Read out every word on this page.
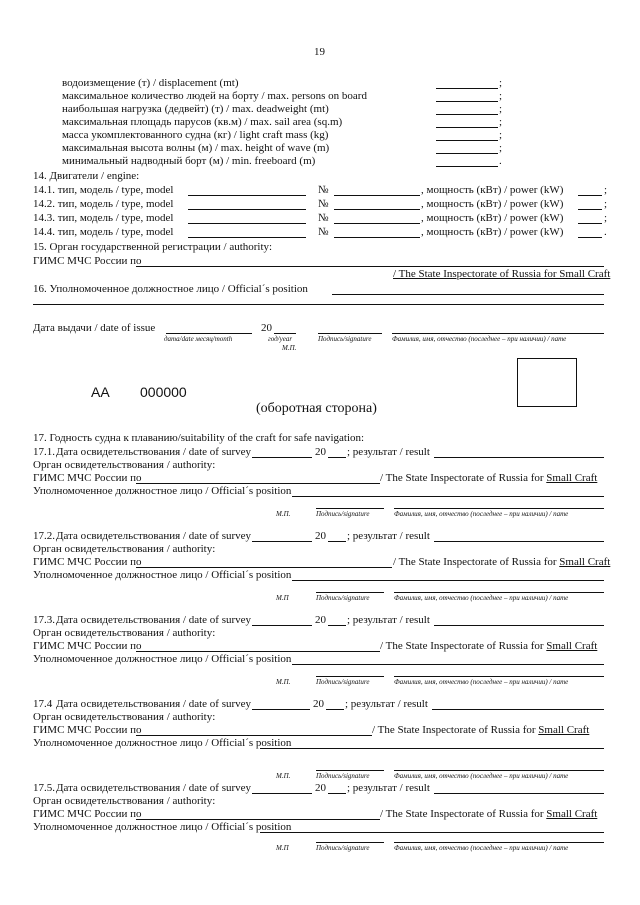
19
водоизмещение (т) / displacement (mt)	;
максимальное количество людей на борту / max. persons on board	;
наибольшая нагрузка (дедвейт) (т) / max. deadweight (mt)	;
максимальная площадь парусов (кв.м) / max. sail area (sq.m)	;
масса укомплектованного судна (кг) / light craft mass (kg)	;
максимальная высота волны (м) / max. height of wave (m)	;
минимальный надводный борт (м) / min. freeboard (m)	.
14. Двигатели / engine:
14.1. тип, модель / type, model	№	, мощность (кВт) / power (kW)	;
14.2. тип, модель / type, model	№	, мощность (кВт) / power (kW)	;
14.3. тип, модель / type, model	№	, мощность (кВт) / power (kW)	;
14.4. тип, модель / type, model	№	, мощность (кВт) / power (kW)	.
15. Орган государственной регистрации / authority:
ГИМС МЧС России по
/ The State Inspectorate of Russia for Small Craft
16. Уполномоченное должностное лицо / Official´s position
Дата выдачи / date of issue	20
дата/date месяц/month	год/year	Подпись/signature	Фамилия, имя, отчество (последнее – при наличии) / name
М.П.
АА 000000
(оборотная сторона)
17. Годность судна к плаванию/suitability of the craft for safe navigation:
17.1. Дата освидетельствования / date of survey	20 ; результат / result
Орган освидетельствования / authority:
ГИМС МЧС России по	/ The State Inspectorate of Russia for Small Craft
Уполномоченное должностное лицо / Official´s position
М.П.	Подпись/signature	Фамилия, имя, отчество (последнее – при наличии) / name
17.2. Дата освидетельствования / date of survey	20 ; результат / result
Орган освидетельствования / authority:
ГИМС МЧС России по	/ The State Inspectorate of Russia for Small Craft
Уполномоченное должностное лицо / Official´s position
М.П	Подпись/signature	Фамилия, имя, отчество (последнее – при наличии) / name
17.3. Дата освидетельствования / date of survey	20 ; результат / result
Орган освидетельствования / authority:
ГИМС МЧС России по	/ The State Inspectorate of Russia for Small Craft
Уполномоченное должностное лицо / Official´s position
М.П.	Подпись/signature	Фамилия, имя, отчество (последнее – при наличии) / name
17.4 Дата освидетельствования / date of survey	20 ; результат / result
Орган освидетельствования / authority:
ГИМС МЧС России по	/ The State Inspectorate of Russia for Small Craft
Уполномоченное должностное лицо / Official´s position
М.П.	Подпись/signature	Фамилия, имя, отчество (последнее – при наличии) / name
17.5. Дата освидетельствования / date of survey	20 ; результат / result
Орган освидетельствования / authority:
ГИМС МЧС России по	/ The State Inspectorate of Russia for Small Craft
Уполномоченное должностное лицо / Official´s position
М.П	Подпись/signature	Фамилия, имя, отчество (последнее – при наличии) / name
